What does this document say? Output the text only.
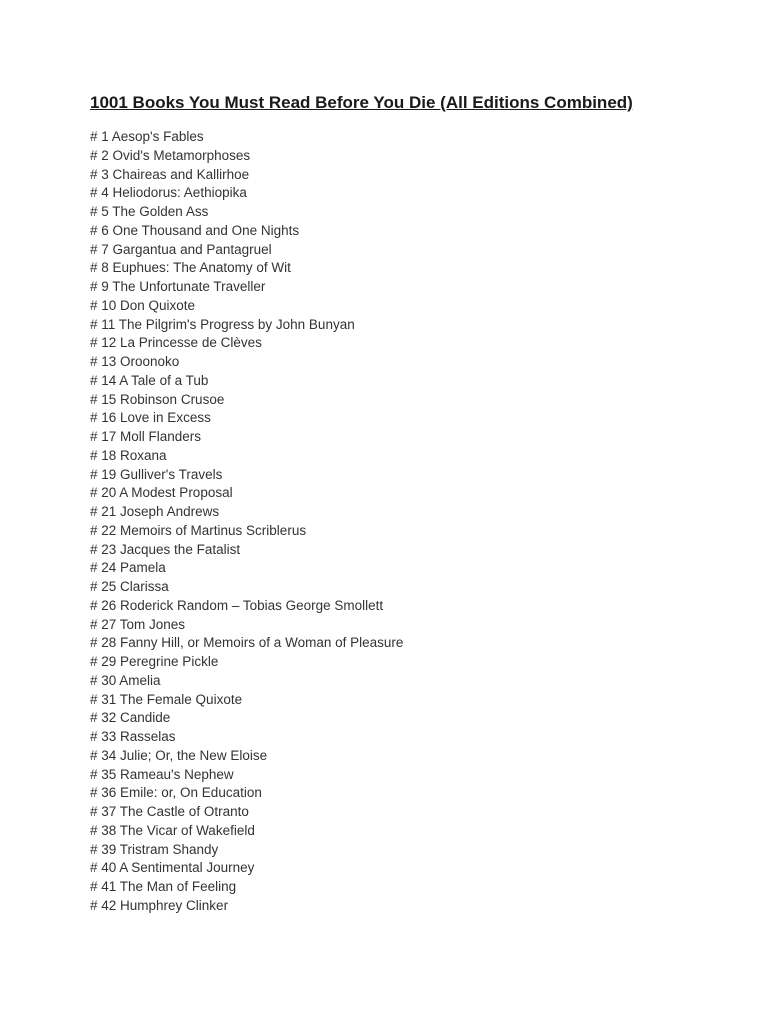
1001 Books You Must Read Before You Die (All Editions Combined)
# 1 Aesop's Fables
# 2 Ovid's Metamorphoses
# 3 Chaireas and Kallirhoe
# 4 Heliodorus: Aethiopika
# 5 The Golden Ass
# 6 One Thousand and One Nights
# 7 Gargantua and Pantagruel
# 8 Euphues: The Anatomy of Wit
# 9 The Unfortunate Traveller
# 10 Don Quixote
# 11 The Pilgrim's Progress by John Bunyan
# 12 La Princesse de Clèves
# 13 Oroonoko
# 14 A Tale of a Tub
# 15 Robinson Crusoe
# 16 Love in Excess
# 17 Moll Flanders
# 18 Roxana
# 19 Gulliver's Travels
# 20 A Modest Proposal
# 21 Joseph Andrews
# 22 Memoirs of Martinus Scriblerus
# 23 Jacques the Fatalist
# 24 Pamela
# 25 Clarissa
# 26 Roderick Random – Tobias George Smollett
# 27 Tom Jones
# 28 Fanny Hill, or Memoirs of a Woman of Pleasure
# 29 Peregrine Pickle
# 30 Amelia
# 31 The Female Quixote
# 32 Candide
# 33 Rasselas
# 34 Julie; Or, the New Eloise
# 35 Rameau's Nephew
# 36 Emile: or, On Education
# 37 The Castle of Otranto
# 38 The Vicar of Wakefield
# 39 Tristram Shandy
# 40 A Sentimental Journey
# 41 The Man of Feeling
# 42 Humphrey Clinker
